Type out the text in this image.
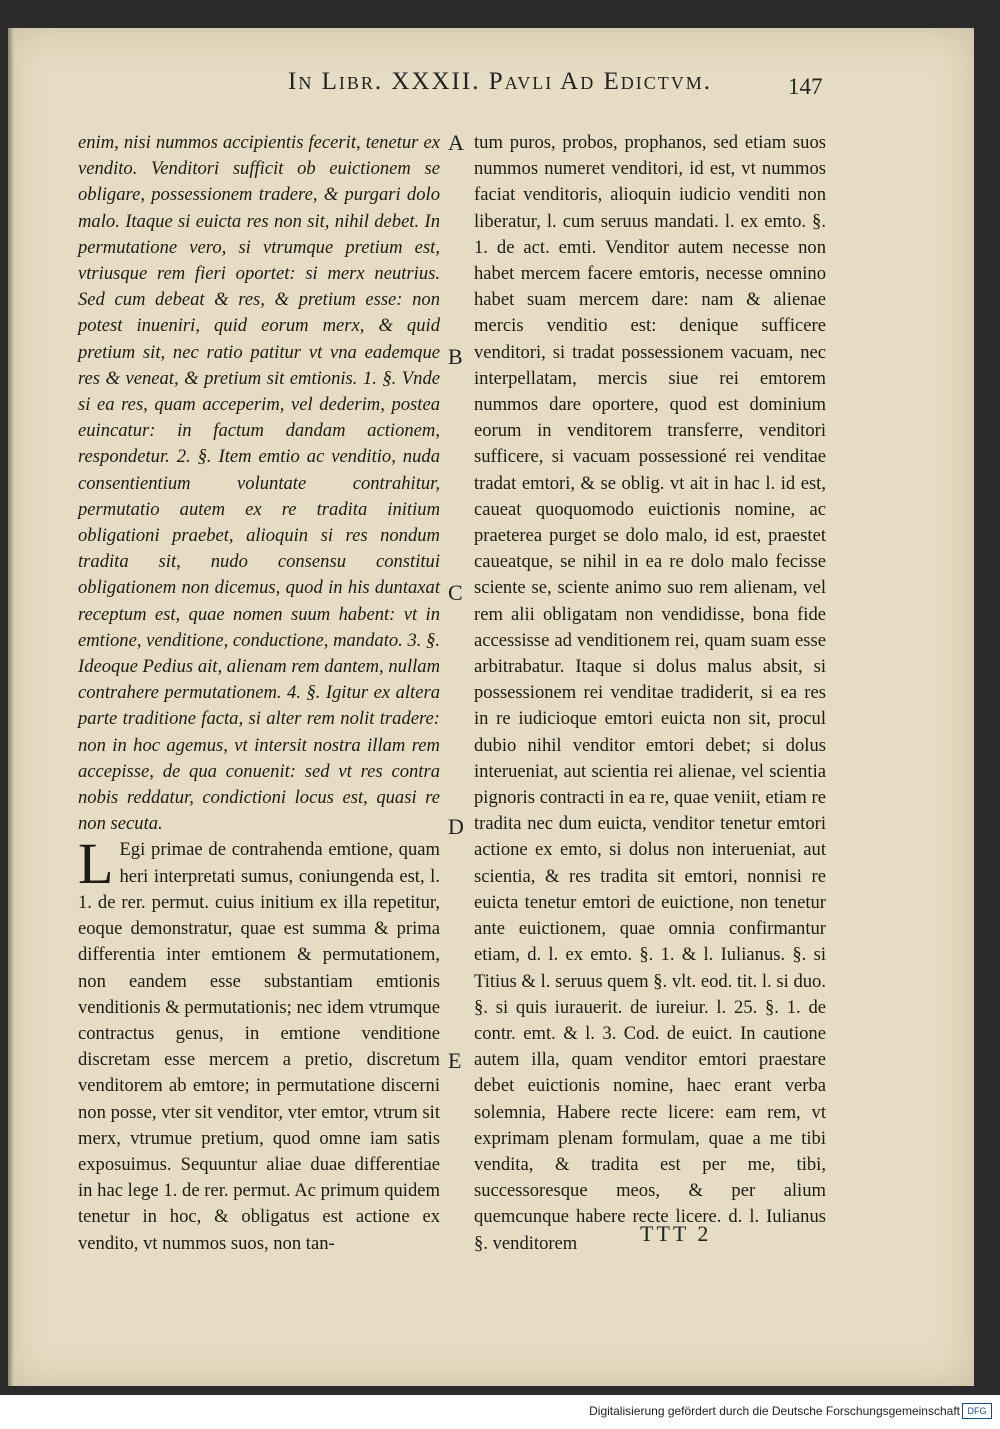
In Libr. XXXII. Pavli Ad Edictvm.	147

enim, nisi nummos accipientis fecerit, tenetur ex vendito. Venditori sufficit ob euictionem se obligare, possessionem tradere, & purgari dolo malo. Itaque si euicta res non sit, nihil debet. In permutatione vero, si vtrumque pretium est, vtriusque rem fieri oportet: si merx neutrius. Sed cum debeat & res, & pretium esse: non potest inueniri, quid eorum merx, & quid pretium sit, nec ratio patitur vt vna eademque res & veneat, & pretium sit emtionis. 1. §. Vnde si ea res, quam acceperim, vel dederim, postea euincatur: in factum dandam actionem, respondetur. 2. §. Item emtio ac venditio, nuda consentientium voluntate contrahitur, permutatio autem ex re tradita initium obligationi praebet, alioquin si res nondum tradita sit, nudo consensu constitui obligationem non dicemus, quod in his duntaxat receptum est, quae nomen suum habent: vt in emtione, venditione, conductione, mandato. 3. §. Ideoque Pedius ait, alienam rem dantem, nullam contrahere permutationem. 4. §. Igitur ex altera parte traditione facta, si alter rem nolit tradere: non in hoc agemus, vt intersit nostra illam rem accepisse, de qua conuenit: sed vt res contra nobis reddatur, condictioni locus est, quasi re non secuta.

L Egi primae de contrahenda emtione, quam heri interpretati sumus, coniungenda est, l. 1. de rer. permut. cuius initium ex illa repetitur, eoque demonstratur, quae est summa & prima differentia inter emtionem & permutationem, non eandem esse substantiam emtionis venditionis & permutationis; nec idem vtrumque contractus genus, in emtione venditione discretam esse mercem a pretio, discretum venditorem ab emtore; in permutatione discerni non posse, vter sit venditor, vter emtor, vtrum sit merx, vtrumue pretium, quod omne iam satis exposuimus. Sequuntur aliae duae differentiae in hac lege 1. de rer. permut. Ac primum quidem tenetur in hoc, & obligatus est actione ex vendito, vt nummos suos, non tan-

A
B
C
D
E

tum puros, probos, prophanos, sed etiam suos nummos numeret venditori, id est, vt nummos faciat venditoris, alioquin iudicio venditi non liberatur, l. cum seruus mandati. l. ex emto. §. 1. de act. emti. Venditor autem necesse non habet mercem facere emtoris, necesse omnino habet suam mercem dare: nam & alienae mercis venditio est: denique sufficere venditori, si tradat possessionem vacuam, nec interpellatam, mercis siue rei emtorem nummos dare oportere, quod est dominium eorum in venditorem transferre, venditori sufficere, si vacuam possessioné rei venditae tradat emtori, & se oblig. vt ait in hac l. id est, caueat quoquomodo euictionis nomine, ac praeterea purget se dolo malo, id est, praestet caueatque, se nihil in ea re dolo malo fecisse sciente se, sciente animo suo rem alienam, vel rem alii obligatam non vendidisse, bona fide accessisse ad venditionem rei, quam suam esse arbitrabatur. Itaque si dolus malus absit, si possessionem rei venditae tradiderit, si ea res in re iudicioque emtori euicta non sit, procul dubio nihil venditor emtori debet; si dolus interueniat, aut scientia rei alienae, vel scientia pignoris contracti in ea re, quae veniit, etiam re tradita nec dum euicta, venditor tenetur emtori actione ex emto, si dolus non interueniat, aut scientia, & res tradita sit emtori, nonnisi re euicta tenetur emtori de euictione, non tenetur ante euictionem, quae omnia confirmantur etiam, d. l. ex emto. §. 1. & l. Iulianus. §. si Titius & l. seruus quem §. vlt. eod. tit. l. si duo. §. si quis iurauerit. de iureiur. l. 25. §. 1. de contr. emt. & l. 3. Cod. de euict. In cautione autem illa, quam venditor emtori praestare debet euictionis nomine, haec erant verba solemnia, Habere recte licere: eam rem, vt exprimam plenam formulam, quae a me tibi vendita, & tradita est per me, tibi, successoresque meos, & per alium quemcunque habere recte licere. d. l. Iulianus §. venditorem	TTT 2
Digitalisierung gefördert durch die Deutsche Forschungsgemeinschaft DFG
